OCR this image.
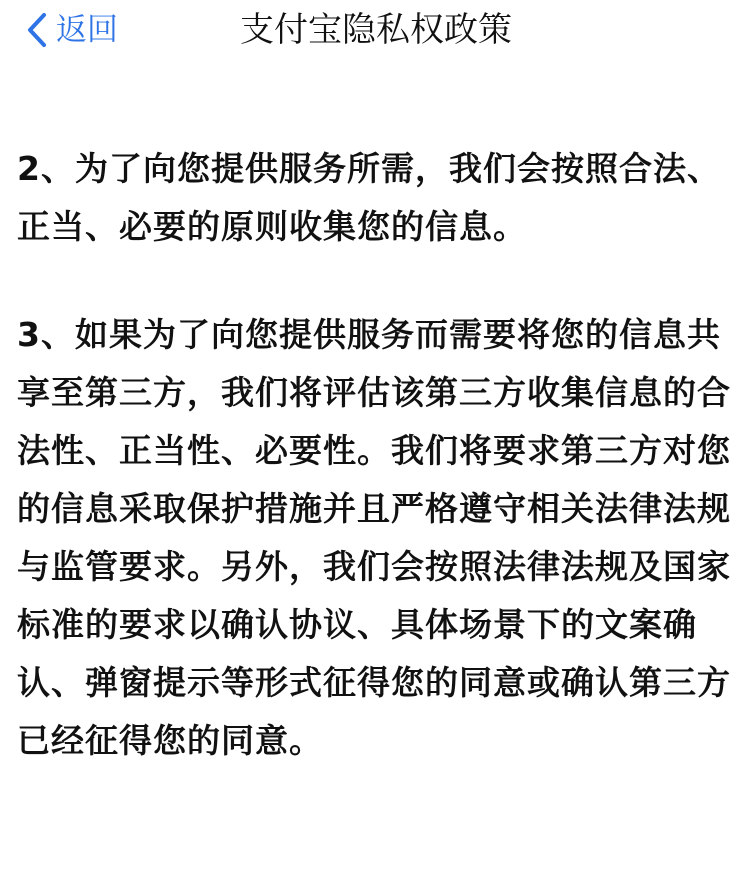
返回	支付宝隐私权政策

2、为了向您提供服务所需，我们会按照合法、正当、必要的原则收集您的信息。

3、如果为了向您提供服务而需要将您的信息共享至第三方，我们将评估该第三方收集信息的合法性、正当性、必要性。我们将要求第三方对您的信息采取保护措施并且严格遵守相关法律法规与监管要求。另外，我们会按照法律法规及国家标准的要求以确认协议、具体场景下的文案确认、弹窗提示等形式征得您的同意或确认第三方已经征得您的同意。
